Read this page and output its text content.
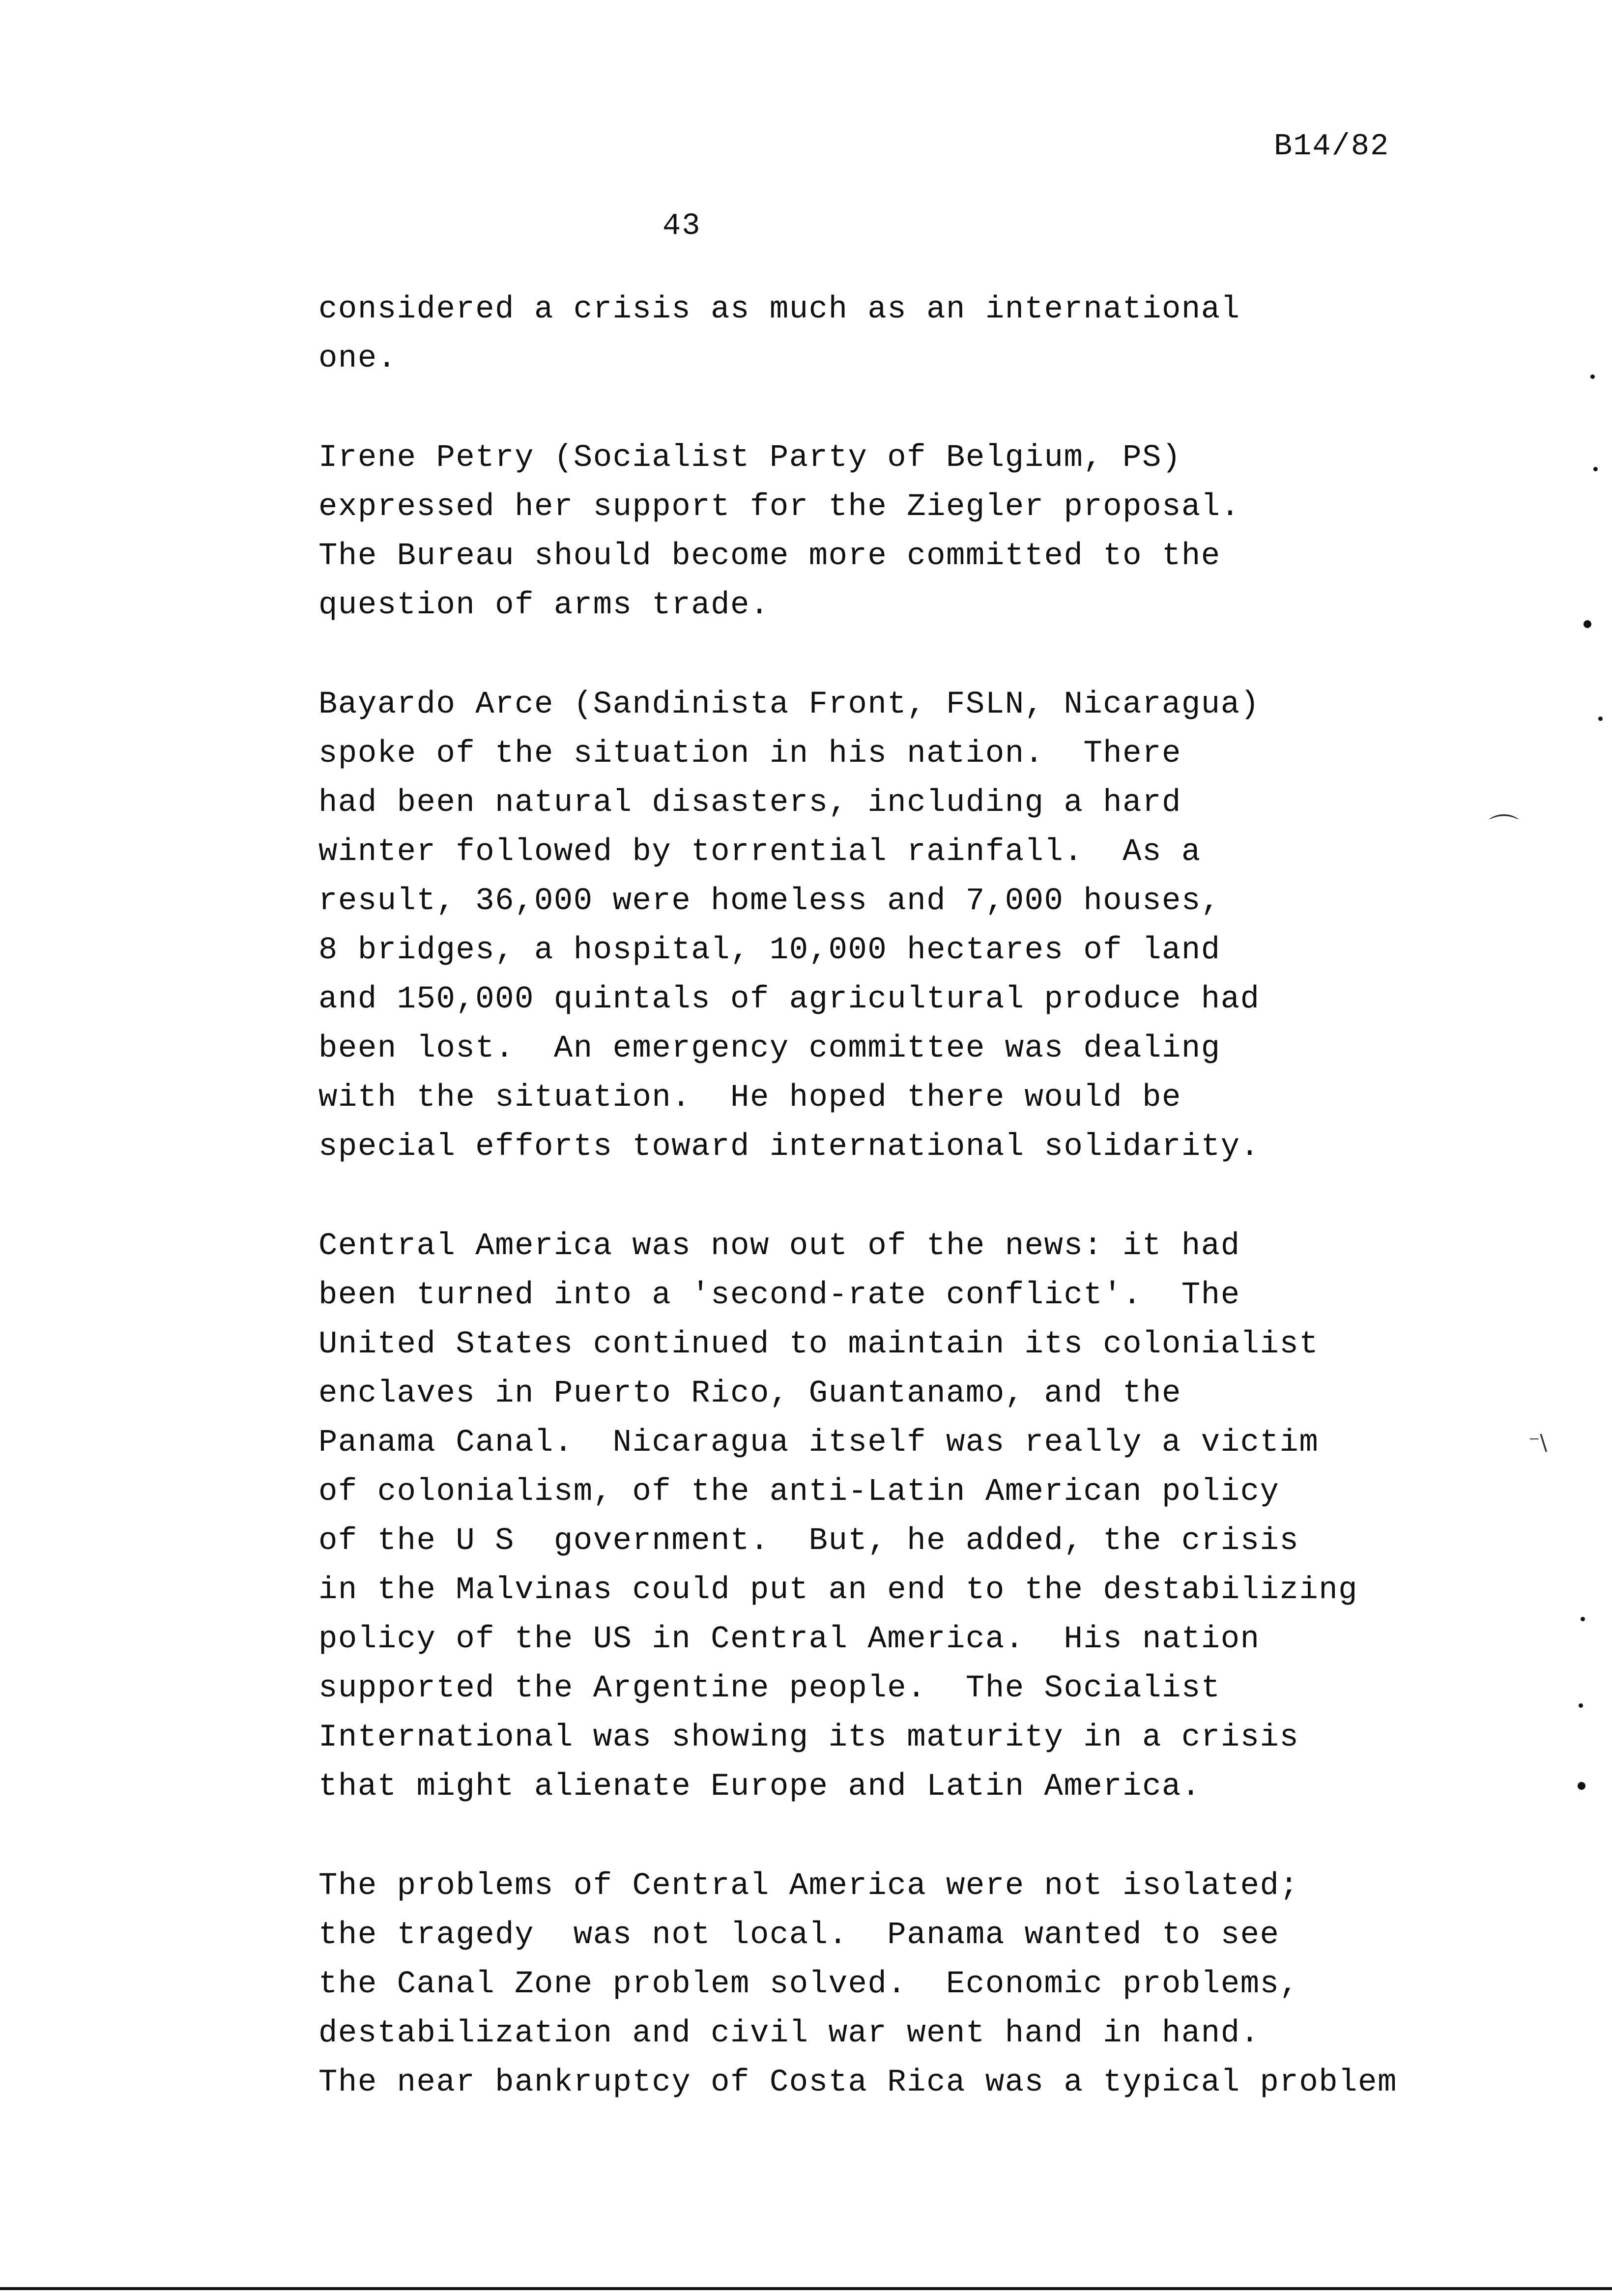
B14/82
43
considered a crisis as much as an international
one.
Irene Petry (Socialist Party of Belgium, PS)
expressed her support for the Ziegler proposal.
The Bureau should become more committed to the
question of arms trade.
Bayardo Arce (Sandinista Front, FSLN, Nicaragua)
spoke of the situation in his nation.  There
had been natural disasters, including a hard
winter followed by torrential rainfall.  As a
result, 36,000 were homeless and 7,000 houses,
8 bridges, a hospital, 10,000 hectares of land
and 150,000 quintals of agricultural produce had
been lost.  An emergency committee was dealing
with the situation.  He hoped there would be
special efforts toward international solidarity.
Central America was now out of the news: it had
been turned into a 'second-rate conflict'.  The
United States continued to maintain its colonialist
enclaves in Puerto Rico, Guantanamo, and the
Panama Canal.  Nicaragua itself was really a victim
of colonialism, of the anti-Latin American policy
of the U S  government.  But, he added, the crisis
in the Malvinas could put an end to the destabilizing
policy of the US in Central America.  His nation
supported the Argentine people.  The Socialist
International was showing its maturity in a crisis
that might alienate Europe and Latin America.
The problems of Central America were not isolated;
the tragedy  was not local.  Panama wanted to see
the Canal Zone problem solved.  Economic problems,
destabilization and civil war went hand in hand.
The near bankruptcy of Costa Rica was a typical problem
⌒
⁻\
